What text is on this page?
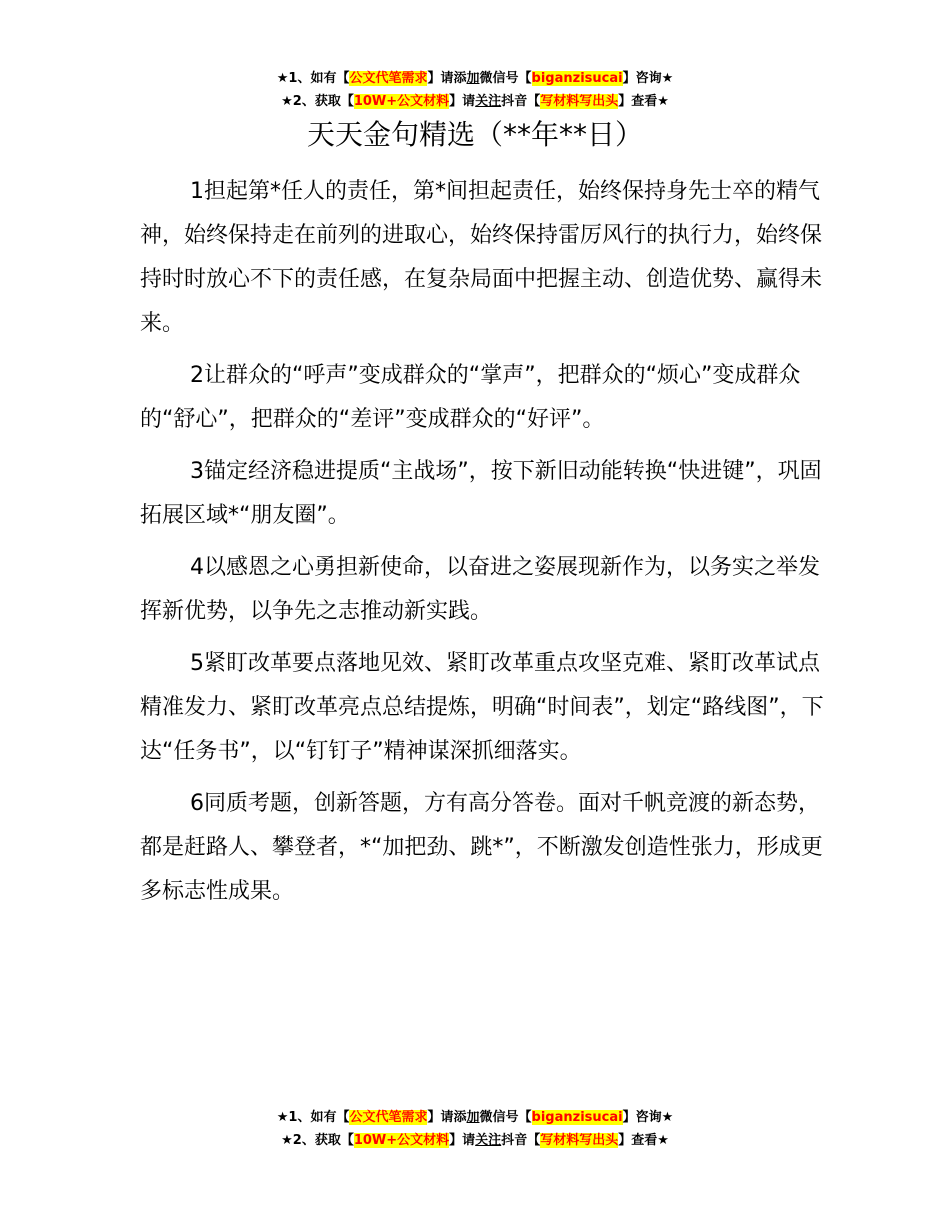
★1、如有【公文代笔需求】请添加微信号【biganzisucai】咨询★
★2、获取【10W+公文材料】请关注抖音【写材料写出头】查看★
天天金句精选（**年**日）

1担起第*任人的责任，第*间担起责任，始终保持身先士卒的精气神，始终保持走在前列的进取心，始终保持雷厉风行的执行力，始终保持时时放心不下的责任感，在复杂局面中把握主动、创造优势、赢得未来。

2让群众的“呼声”变成群众的“掌声”，把群众的“烦心”变成群众的“舒心”，把群众的“差评”变成群众的“好评”。

3锚定经济稳进提质“主战场”，按下新旧动能转换“快进键”，巩固拓展区域*“朋友圈”。

4以感恩之心勇担新使命，以奋进之姿展现新作为，以务实之举发挥新优势，以争先之志推动新实践。

5紧盯改革要点落地见效、紧盯改革重点攻坚克难、紧盯改革试点精准发力、紧盯改革亮点总结提炼，明确“时间表”，划定“路线图”，下达“任务书”，以“钉钉子”精神谋深抓细落实。

6同质考题，创新答题，方有高分答卷。面对千帆竞渡的新态势，都是赶路人、攀登者，*“加把劲、跳*”，不断激发创造性张力，形成更多标志性成果。

★1、如有【公文代笔需求】请添加微信号【biganzisucai】咨询★
★2、获取【10W+公文材料】请关注抖音【写材料写出头】查看★
